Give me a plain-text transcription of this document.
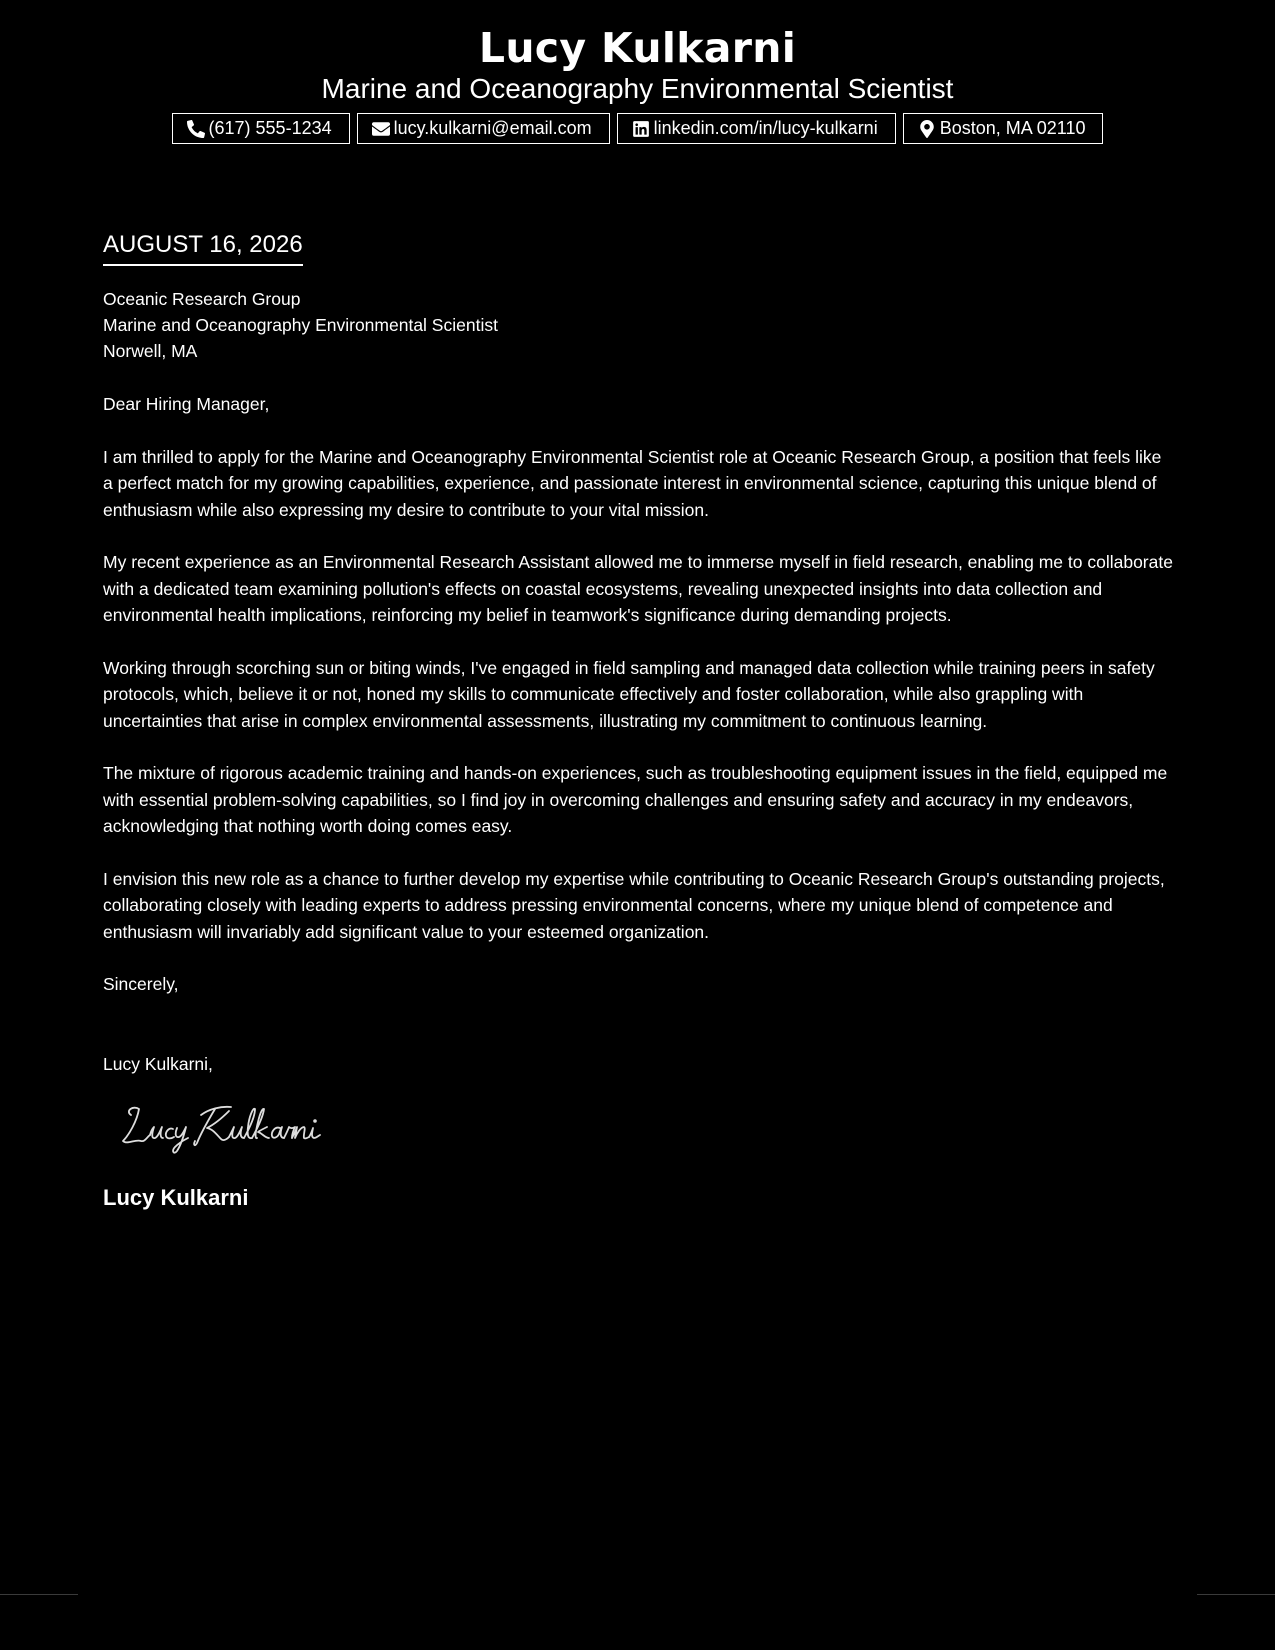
Lucy Kulkarni
Marine and Oceanography Environmental Scientist
(617) 555-1234	lucy.kulkarni@email.com	linkedin.com/in/lucy-kulkarni	Boston, MA 02110
AUGUST 16, 2026
Oceanic Research Group
Marine and Oceanography Environmental Scientist
Norwell, MA
Dear Hiring Manager,
I am thrilled to apply for the Marine and Oceanography Environmental Scientist role at Oceanic Research Group, a position that feels like a perfect match for my growing capabilities, experience, and passionate interest in environmental science, capturing this unique blend of enthusiasm while also expressing my desire to contribute to your vital mission.
My recent experience as an Environmental Research Assistant allowed me to immerse myself in field research, enabling me to collaborate with a dedicated team examining pollution's effects on coastal ecosystems, revealing unexpected insights into data collection and environmental health implications, reinforcing my belief in teamwork's significance during demanding projects.
Working through scorching sun or biting winds, I've engaged in field sampling and managed data collection while training peers in safety protocols, which, believe it or not, honed my skills to communicate effectively and foster collaboration, while also grappling with uncertainties that arise in complex environmental assessments, illustrating my commitment to continuous learning.
The mixture of rigorous academic training and hands-on experiences, such as troubleshooting equipment issues in the field, equipped me with essential problem-solving capabilities, so I find joy in overcoming challenges and ensuring safety and accuracy in my endeavors, acknowledging that nothing worth doing comes easy.
I envision this new role as a chance to further develop my expertise while contributing to Oceanic Research Group's outstanding projects, collaborating closely with leading experts to address pressing environmental concerns, where my unique blend of competence and enthusiasm will invariably add significant value to your esteemed organization.
Sincerely,
Lucy Kulkarni,
Lucy Kulkarni
